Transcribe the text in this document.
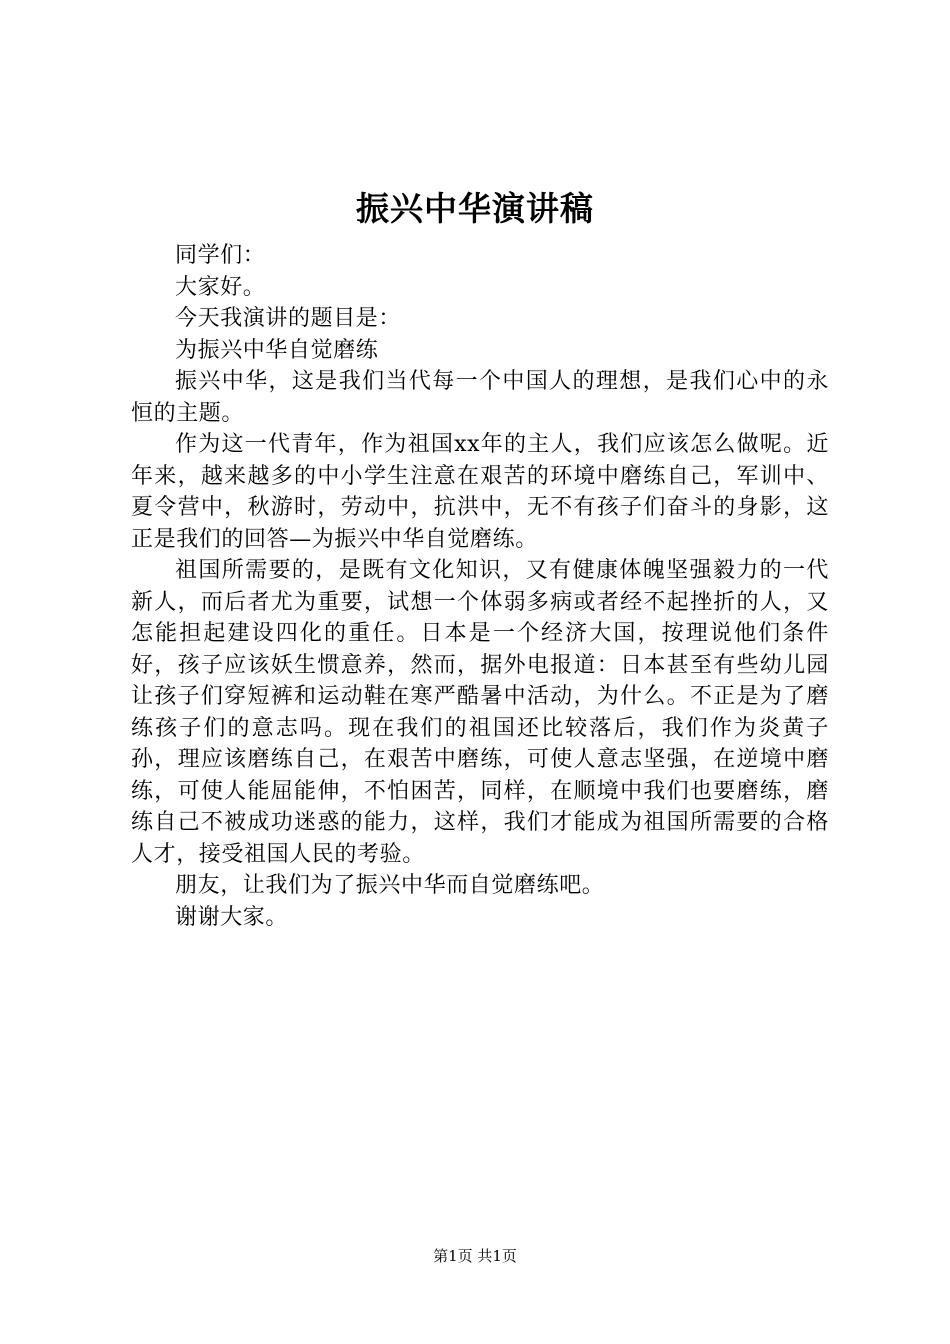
振兴中华演讲稿

同学们：

大家好。

今天我演讲的题目是：

为振兴中华自觉磨练

振兴中华，这是我们当代每一个中国人的理想，是我们心中的永恒的主题。

作为这一代青年，作为祖国xx年的主人，我们应该怎么做呢。近年来，越来越多的中小学生注意在艰苦的环境中磨练自己，军训中、夏令营中，秋游时，劳动中，抗洪中，无不有孩子们奋斗的身影，这正是我们的回答—为振兴中华自觉磨练。

祖国所需要的，是既有文化知识，又有健康体魄坚强毅力的一代新人，而后者尤为重要，试想一个体弱多病或者经不起挫折的人，又怎能担起建设四化的重任。日本是一个经济大国，按理说他们条件好，孩子应该妖生惯意养，然而，据外电报道：日本甚至有些幼儿园让孩子们穿短裤和运动鞋在寒严酷暑中活动，为什么。不正是为了磨练孩子们的意志吗。现在我们的祖国还比较落后，我们作为炎黄子孙，理应该磨练自己，在艰苦中磨练，可使人意志坚强，在逆境中磨练，可使人能屈能伸，不怕困苦，同样，在顺境中我们也要磨练，磨练自己不被成功迷惑的能力，这样，我们才能成为祖国所需要的合格人才，接受祖国人民的考验。

朋友，让我们为了振兴中华而自觉磨练吧。

谢谢大家。

第1页 共1页
